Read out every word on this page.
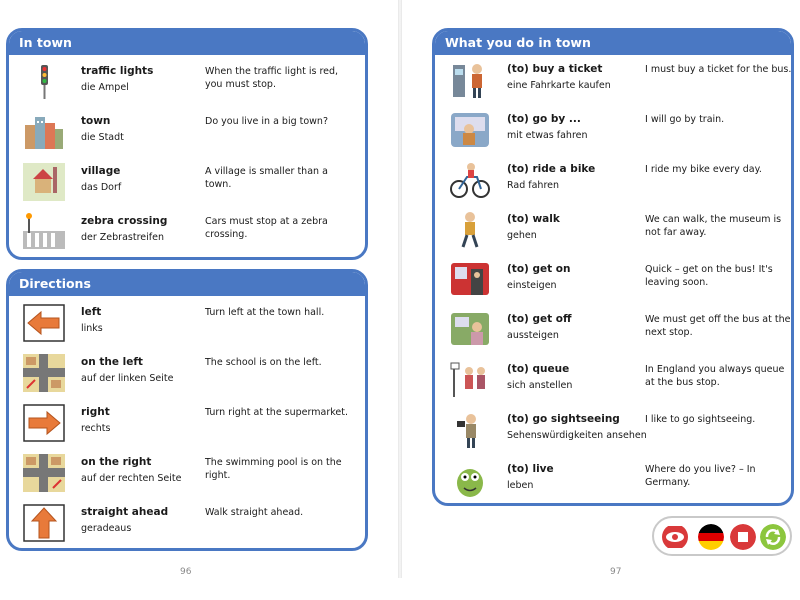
In town
traffic lights
die Ampel
When the traffic light is red, you must stop.
town
die Stadt
Do you live in a big town?
village
das Dorf
A village is smaller than a town.
zebra crossing
der Zebrastreifen
Cars must stop at a zebra crossing.
Directions
left
links
Turn left at the town hall.
on the left
auf der linken Seite
The school is on the left.
right
rechts
Turn right at the supermarket.
on the right
auf der rechten Seite
The swimming pool is on the right.
straight ahead
geradeaus
Walk straight ahead.
96
What you do in town
(to) buy a ticket
eine Fahrkarte kaufen
I must buy a ticket for the bus.
(to) go by ...
mit etwas fahren
I will go by train.
(to) ride a bike
Rad fahren
I ride my bike every day.
(to) walk
gehen
We can walk, the museum is not far away.
(to) get on
einsteigen
Quick – get on the bus! It's leaving soon.
(to) get off
aussteigen
We must get off the bus at the next stop.
(to) queue
sich anstellen
In England you always queue at the bus stop.
(to) go sightseeing
Sehenswürdigkeiten ansehen
I like to go sightseeing.
(to) live
leben
Where do you live? – In Germany.
97
